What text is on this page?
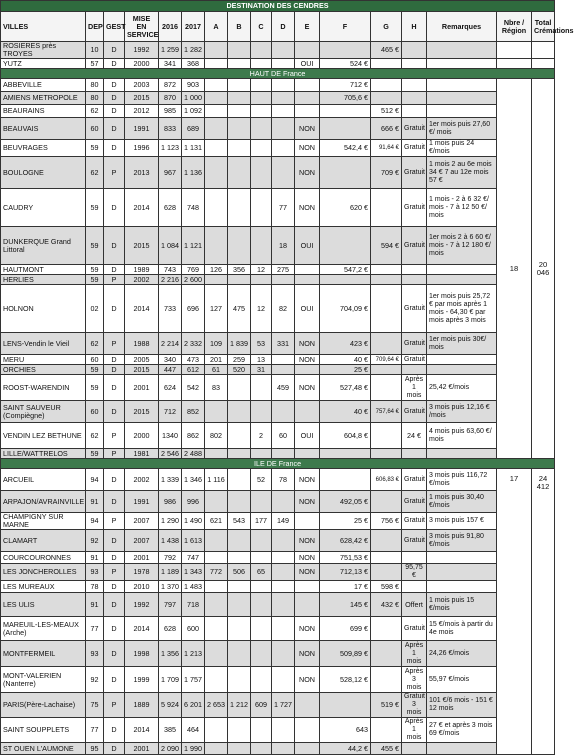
DESTINATION DES CENDRES																
VILLES	DEP	GEST	MISE EN SERVICE	2016	2017	A	B	C	D	E	F	G	H	Remarques	Nbre / Région	Total Crémations
ROSIERES près TROYES	10	D	1992	1 259	1 282							465 €				
YUTZ	57	D	2000	341	368					OUI	524 €					
HAUT DE France																
ABBEVILLE	80	D	2003	872	903						712 €				18	20 046
AMIENS METROPOLE	80	D	2015	870	1 000						705,6 €					
BEAURAINS	62	D	2012	985	1 092							512 €				
BEAUVAIS	60	D	1991	833	689					NON		666 €	Gratuit	1er mois puis 27,60 €/ mois		
BEUVRAGES	59	D	1996	1 123	1 131					NON	542,4 €	91,64 €	Gratuit	1 mois puis 24 €/mois		
BOULOGNE	62	P	2013	967	1 136					NON		709 €	Gratuit	1 mois 2 au 6e mois 34 € 7 au 12e mois 57 €		
CAUDRY	59	D	2014	628	748				77	NON	620 €		Gratuit	1 mois - 2 à 6 32 €/ mois - 7 à 12 50 €/ mois		
DUNKERQUE Grand Littoral	59	D	2015	1 084	1 121				18	OUI		594 €	Gratuit	1er mois 2 à 6 60 €/ mois - 7 à 12 180 €/ mois		
HAUTMONT	59	D	1989	743	769	126	356	12	275		547,2 €					
HERLIES	59	P	2002	2 216	2 600											
HOLNON	02	D	2014	733	696	127	475	12	82	OUI	704,09 €		Gratuit	1er mois puis 25,72 € par mois après 1 mois - 64,30 € par mois après 3 mois		
LENS-Vendin le Vieil	62	P	1988	2 214	2 332	109	1 839	53	331	NON	423 €		Gratuit	1er mois puis 30€/ mois		
MERU	60	D	2005	340	473	201	259	13		NON	40 €	709,64 €	Gratuit			
ORCHIES	59	D	2015	447	612	61	520	31			25 €					
ROOST-WARENDIN	59	D	2001	624	542	83			459	NON	527,48 €		Après 1 mois	25,42 €/mois		
SAINT SAUVEUR (Compiègne)	60	D	2015	712	852						40 €	757,64 €	Gratuit	3 mois puis 12,16 € /mois		
VENDIN LEZ BETHUNE	62	P	2000	1340	862	802		2	60	OUI	604,8 €		24 €	4 mois puis 63,60 €/ mois		
LILLE/WATTRELOS	59	P	1981	2 546	2 488											
ILE DE France																
ARCUEIL	94	D	2002	1 339	1 346	1 116		52	78	NON		606,83 €	Gratuit	3 mois puis 116,72 €/mois	17	24 412
ARPAJON/AVRAINVILLE	91	D	1991	986	996					NON	492,05 €		Gratuit	1 mois puis 30,40 €/mois		
CHAMPIGNY SUR MARNE	94	P	2007	1 290	1 490	621	543	177	149		25 €	756 €	Gratuit	3 mois puis 157 €		
CLAMART	92	D	2007	1 438	1 613					NON	628,42 €		Gratuit	3 mois puis 91,80 €/mois		
COURCOURONNES	91	D	2001	792	747					NON	751,53 €					
LES JONCHEROLLES	93	P	1978	1 189	1 343	772	506	65		NON	712,13 €		95,75 €			
LES MUREAUX	78	D	2010	1 370	1 483						17 €	598 €				
LES ULIS	91	D	1992	797	718						145 €	432 €	Offert	1 mois puis 15 €/mois		
MAREUIL-LES-MEAUX (Arche)	77	D	2014	628	600					NON	699 €		Gratuit	15 €/mois à partir du 4e mois		
MONTFERMEIL	93	D	1998	1 356	1 213					NON	509,89 €		Après 1 mois	24,26 €/mois		
MONT-VALERIEN (Nanterre)	92	D	1999	1 709	1 757					NON	528,12 €		Après 3 mois	55,97 €/mois		
PARIS(Père-Lachaise)	75	P	1889	5 924	6 201	2 653	1 212	609	1 727			519 €	Gratuit 3 mois	101 €/6 mois - 151 € 12 mois		
SAINT SOUPPLETS	77	D	2014	385	464						643		Après 1 mois	27 € et après 3 mois 69 €/mois		
ST OUEN L'AUMONE	95	D	2001	2 090	1 990						44,2 €	455 €				
